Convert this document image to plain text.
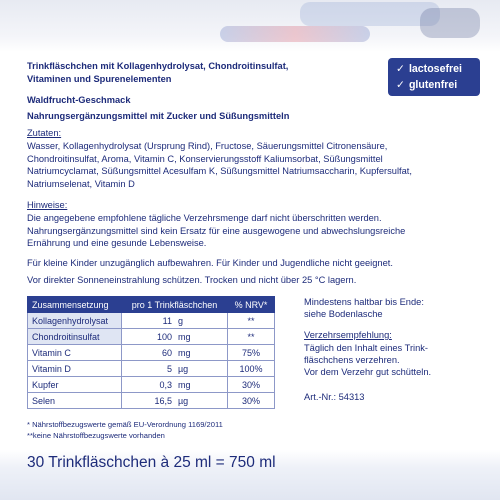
Trinkfläschchen mit Kollagenhydrolysat, Chondroitinsulfat,
Vitaminen und Spurenelementen
Waldfrucht-Geschmack
Nahrungsergänzungsmittel mit Zucker und Süßungsmitteln
✓ lactosefrei
✓ glutenfrei
Zutaten:
Wasser, Kollagenhydrolysat (Ursprung Rind), Fructose, Säuerungsmittel Citronensäure,
Chondroitinsulfat, Aroma, Vitamin C, Konservierungsstoff Kaliumsorbat, Süßungsmittel
Natriumcyclamat, Süßungsmittel Acesulfam K, Süßungsmittel Natriumsaccharin, Kupfersulfat,
Natriumselenat, Vitamin D
Hinweise:
Die angegebene empfohlene tägliche Verzehrsmenge darf nicht überschritten werden.
Nahrungsergänzungsmittel sind kein Ersatz für eine ausgewogene und abwechslungsreiche
Ernährung und eine gesunde Lebensweise.
Für kleine Kinder unzugänglich aufbewahren. Für Kinder und Jugendliche nicht geeignet.
Vor direkter Sonneneinstrahlung schützen. Trocken und nicht über 25 °C lagern.
Zusammensetzung	pro 1 Trinkfläschchen	% NRV*
Kollagenhydrolysat	11 g	**
Chondroitinsulfat	100 mg	**
Vitamin C	60 mg	75%
Vitamin D	5 µg	100%
Kupfer	0,3 mg	30%
Selen	16,5 µg	30%
* Nährstoffbezugswerte gemäß EU-Verordnung 1169/2011
**keine Nährstoffbezugswerte vorhanden
Mindestens haltbar bis Ende:
siehe Bodenlasche
Verzehrsempfehlung:
Täglich den Inhalt eines Trink-
fläschchens verzehren.
Vor dem Verzehr gut schütteln.
Art.-Nr.: 54313
30 Trinkfläschchen à 25 ml = 750 ml
